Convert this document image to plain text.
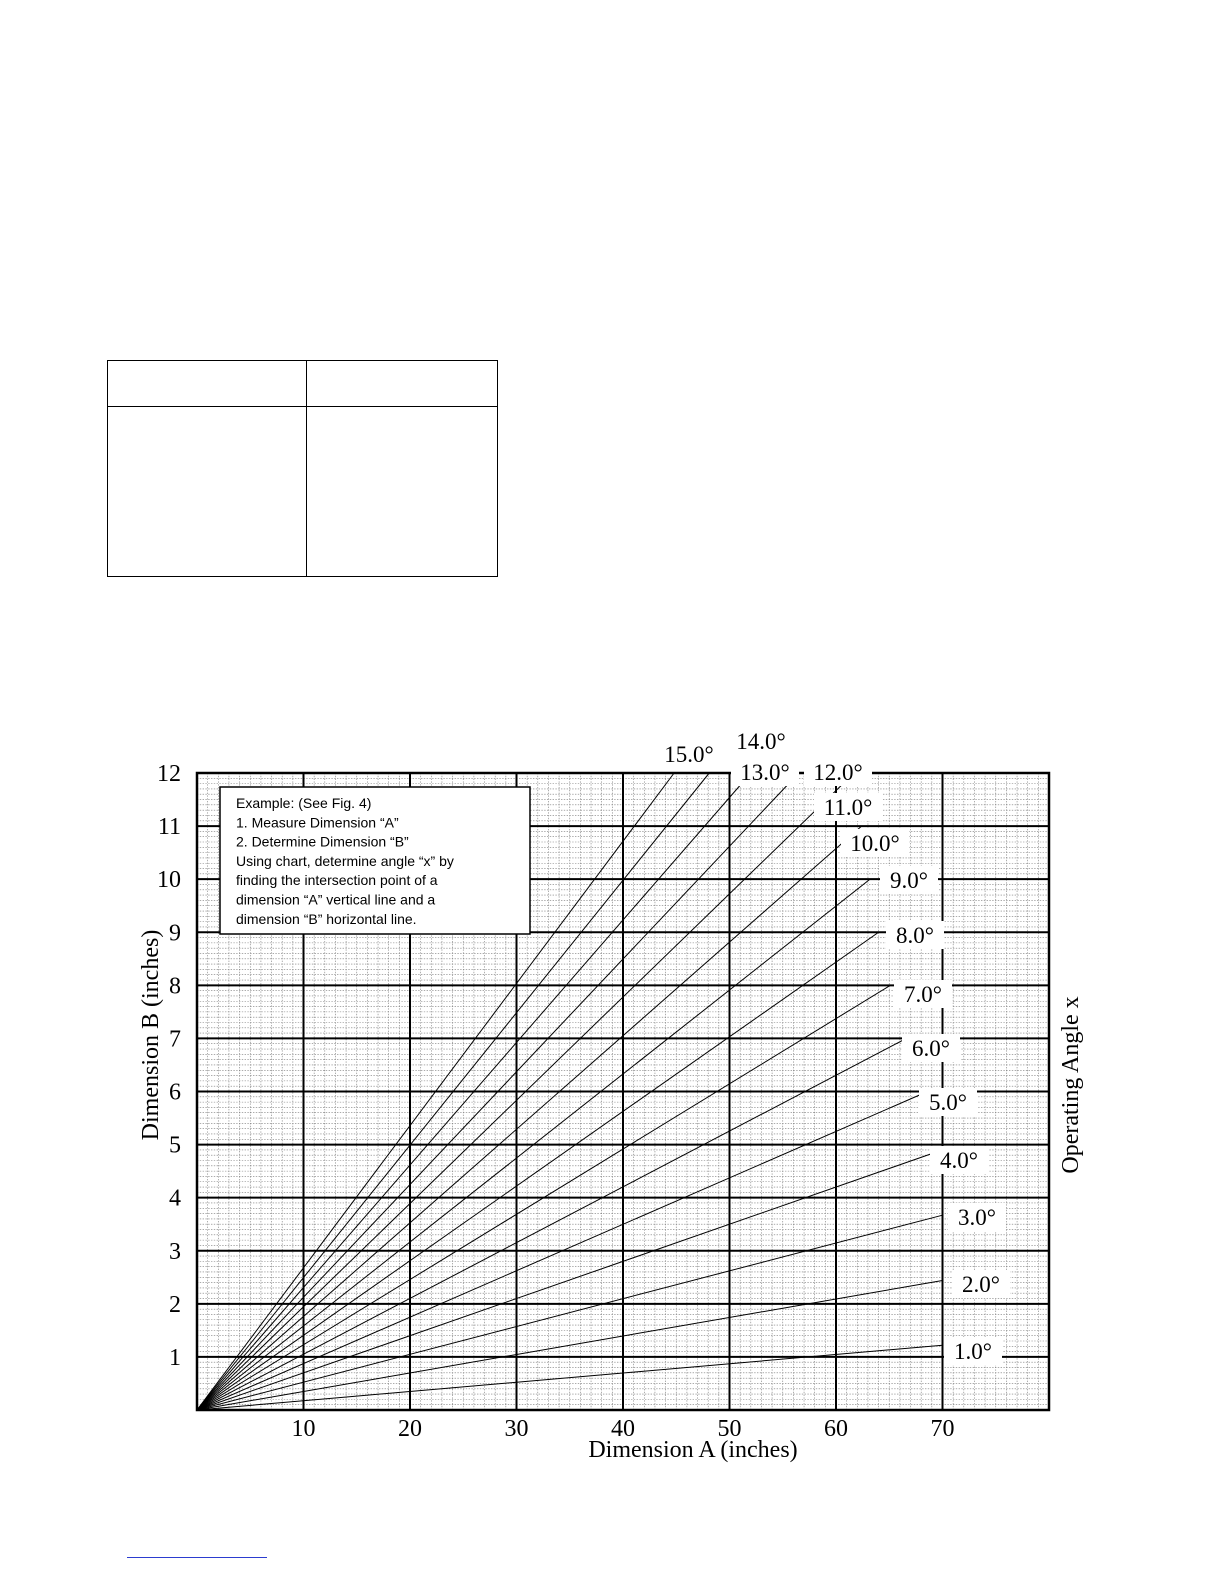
1.0°
2.0°
3.0°
4.0°
5.0°
6.0°
7.0°
8.0°
9.0°
10.0°
11.0°
12.0°
13.0°
14.0°
15.0°
10	20	30	40	50	60	70
1
2
3
4
5
6
7
8
9
10
11
12
Dimension A (inches)
Dimension B (inches)	Operating Angle x
Example: (See Fig. 4)
1. Measure Dimension “A”
2. Determine Dimension “B”
Using chart, determine angle “x” by
finding the intersection point of a
dimension “A” vertical line and a
dimension “B” horizontal line.
